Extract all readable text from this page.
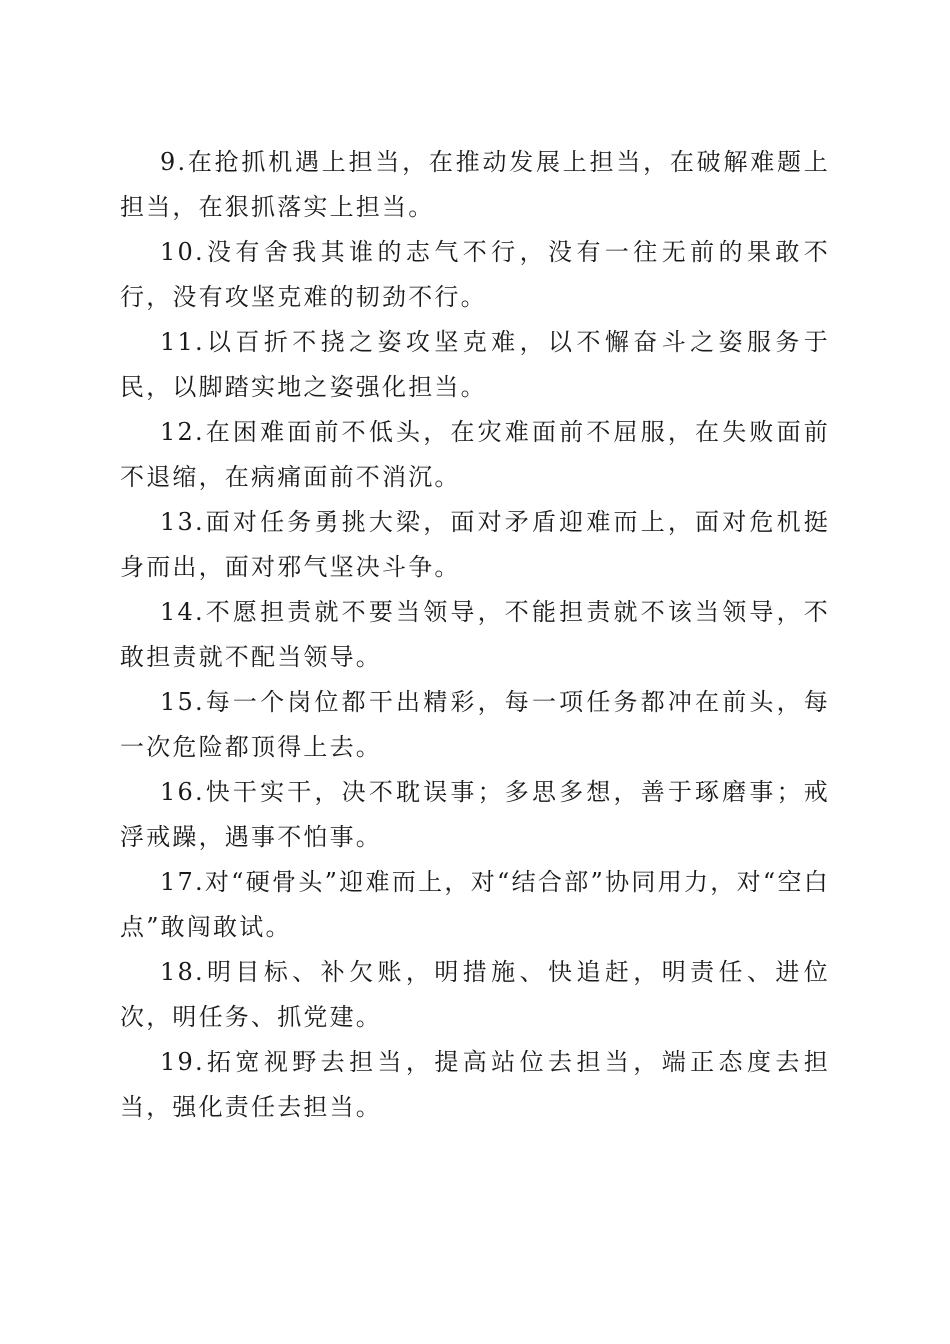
9.在抢抓机遇上担当，在推动发展上担当，在破解难题上担当，在狠抓落实上担当。

10.没有舍我其谁的志气不行，没有一往无前的果敢不行，没有攻坚克难的韧劲不行。

11.以百折不挠之姿攻坚克难，以不懈奋斗之姿服务于民，以脚踏实地之姿强化担当。

12.在困难面前不低头，在灾难面前不屈服，在失败面前不退缩，在病痛面前不消沉。

13.面对任务勇挑大梁，面对矛盾迎难而上，面对危机挺身而出，面对邪气坚决斗争。

14.不愿担责就不要当领导，不能担责就不该当领导，不敢担责就不配当领导。

15.每一个岗位都干出精彩，每一项任务都冲在前头，每一次危险都顶得上去。

16.快干实干，决不耽误事；多思多想，善于琢磨事；戒浮戒躁，遇事不怕事。

17.对“硬骨头”迎难而上，对“结合部”协同用力，对“空白点”敢闯敢试。

18.明目标、补欠账，明措施、快追赶，明责任、进位次，明任务、抓党建。

19.拓宽视野去担当，提高站位去担当，端正态度去担当，强化责任去担当。
